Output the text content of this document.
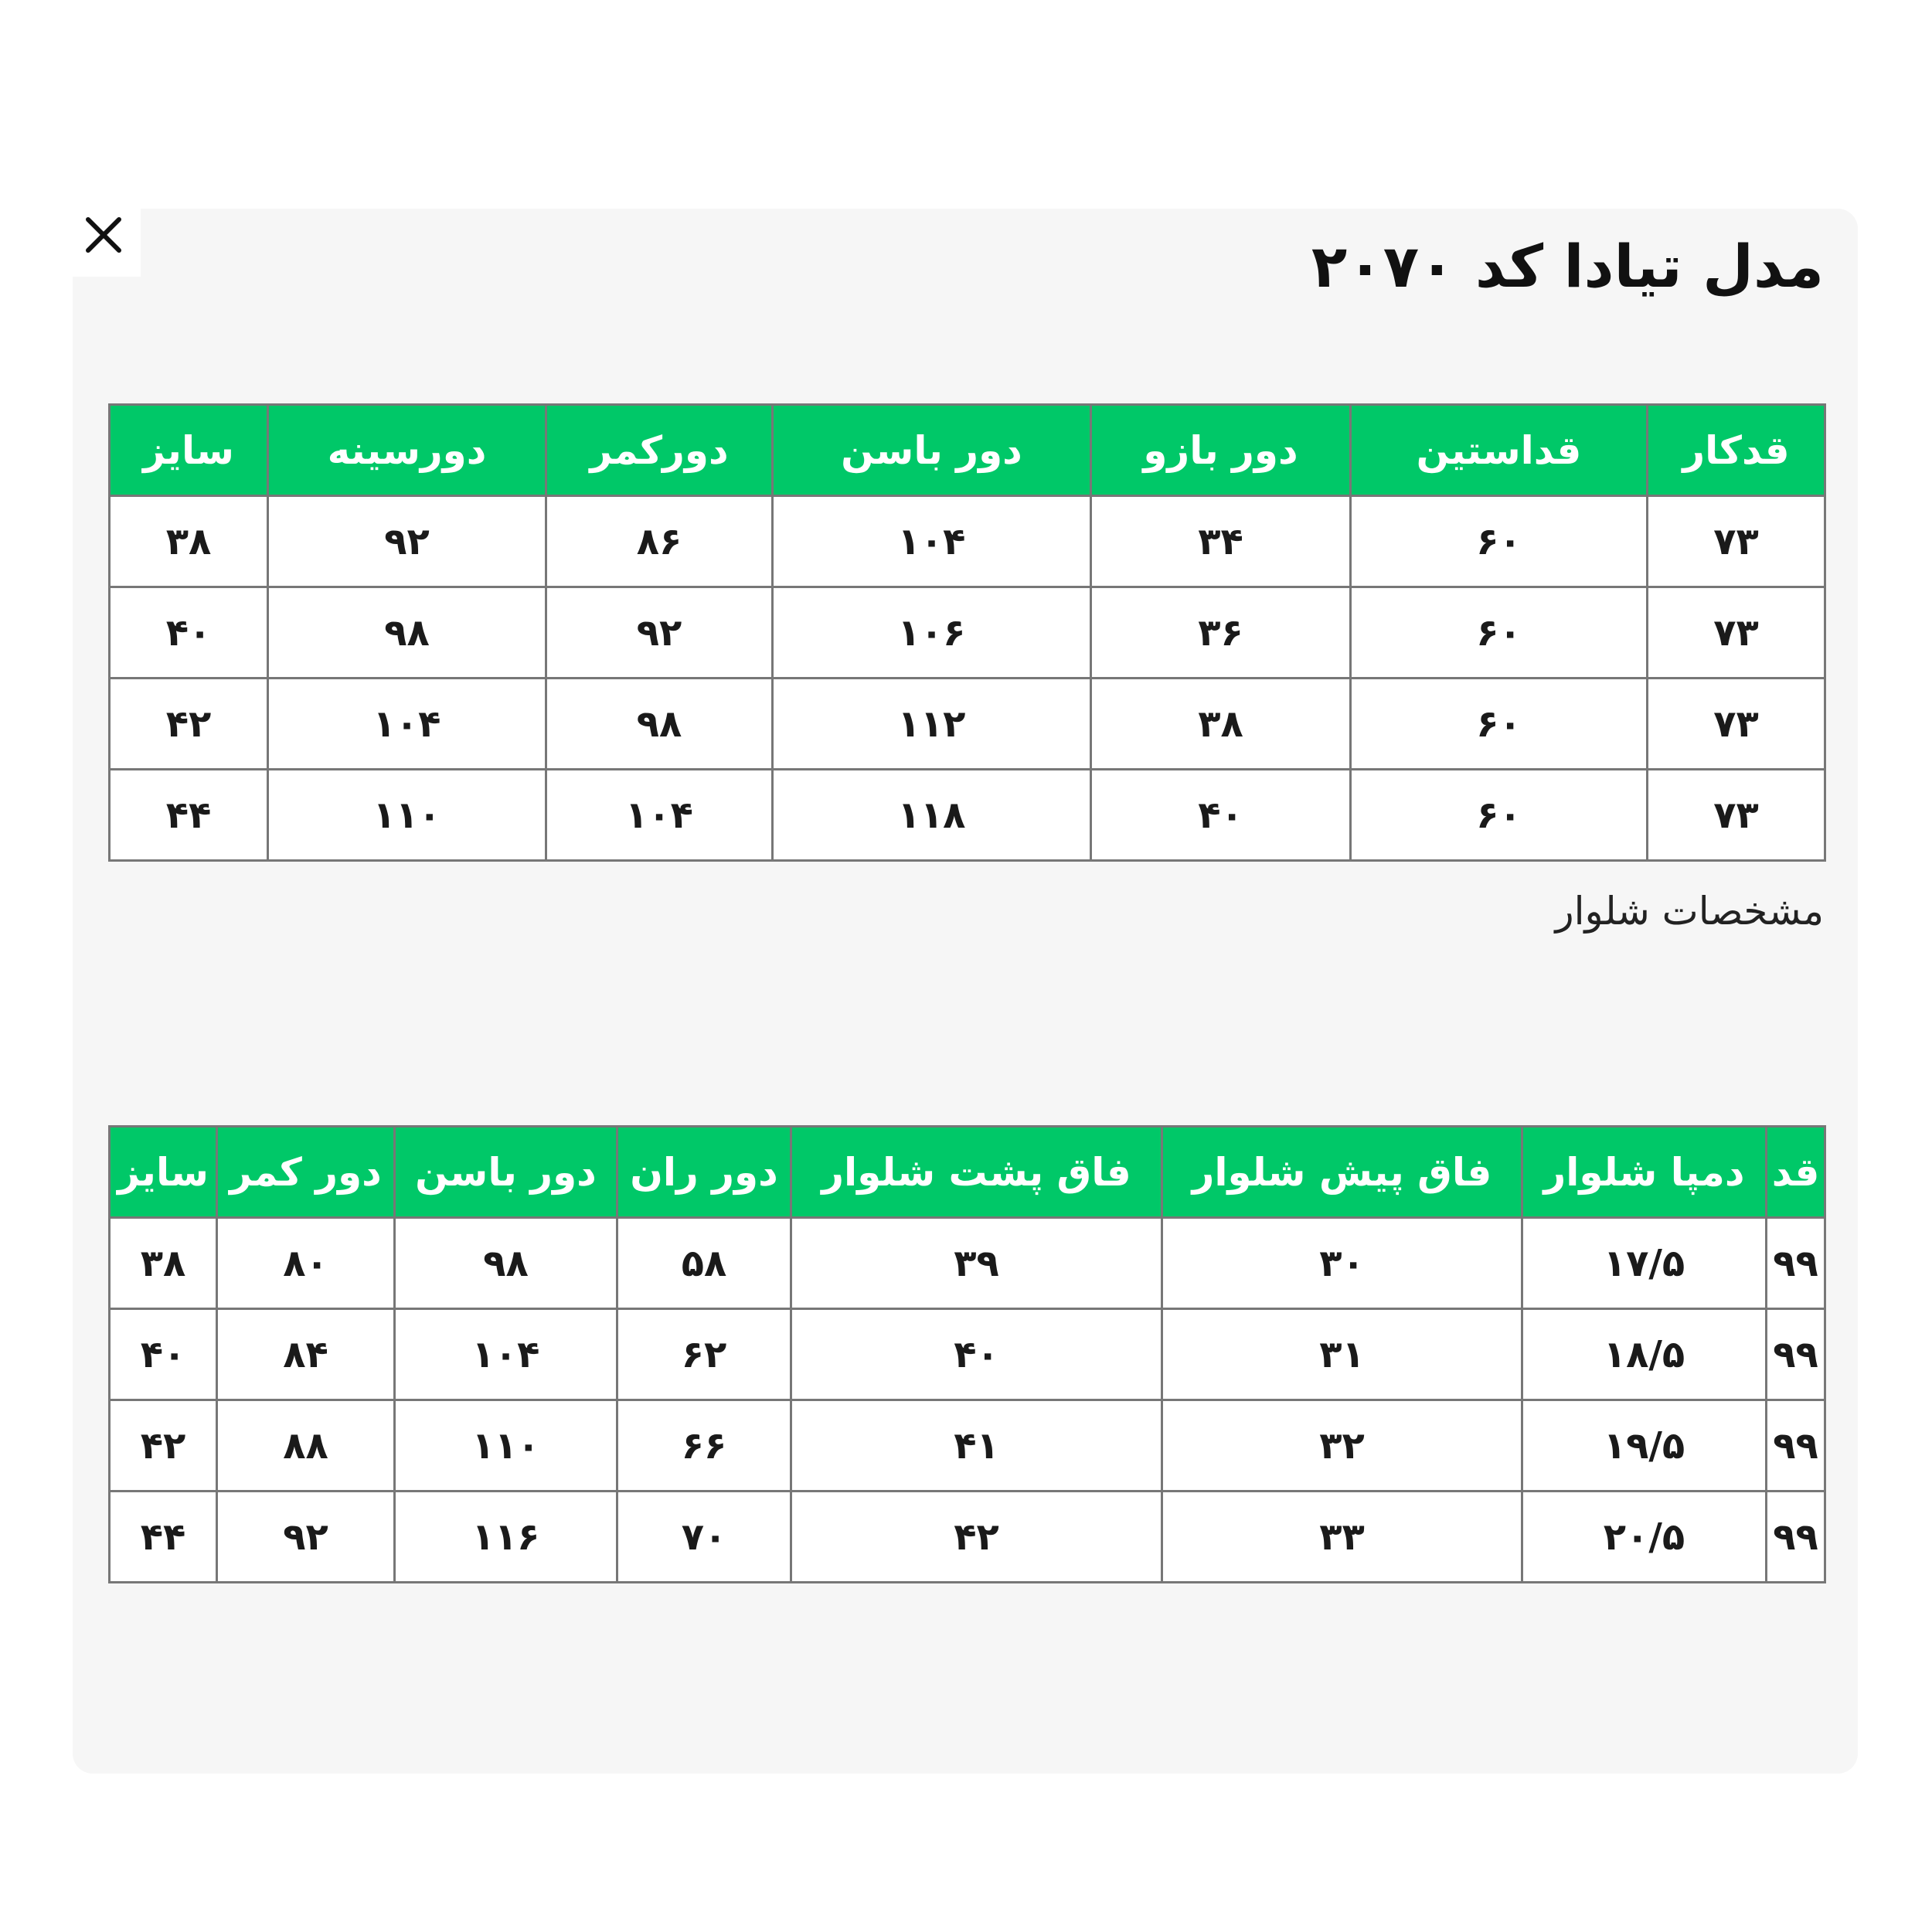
مدل تیادا کد ۲۰۷۰
قدکار	قداستین	دور بازو	دور باسن	دورکمر	دورسینه	سایز
۷۳	۶۰	۳۴	۱۰۴	۸۶	۹۲	۳۸
۷۳	۶۰	۳۶	۱۰۶	۹۲	۹۸	۴۰
۷۳	۶۰	۳۸	۱۱۲	۹۸	۱۰۴	۴۲
۷۳	۶۰	۴۰	۱۱۸	۱۰۴	۱۱۰	۴۴

مشخصات شلوار

قد	دمپا شلوار	فاق پیش شلوار	فاق پشت شلوار	دور ران	دور باسن	دور کمر	سایز
۹۹	۱۷/۵	۳۰	۳۹	۵۸	۹۸	۸۰	۳۸
۹۹	۱۸/۵	۳۱	۴۰	۶۲	۱۰۴	۸۴	۴۰
۹۹	۱۹/۵	۳۲	۴۱	۶۶	۱۱۰	۸۸	۴۲
۹۹	۲۰/۵	۳۳	۴۲	۷۰	۱۱۶	۹۲	۴۴
